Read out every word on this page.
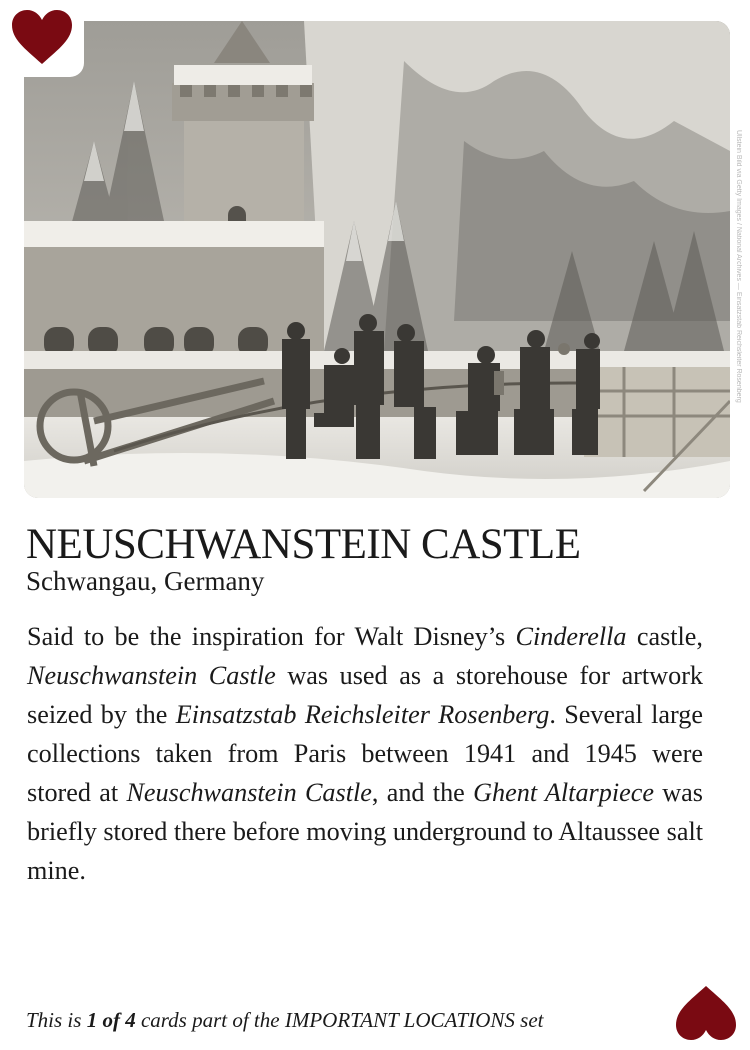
Ullstein Bild via Getty Images / National Archives — Einsatzstab Reichsleiter Rosenberg
NEUSCHWANSTEIN CASTLE
Schwangau, Germany
Said to be the inspiration for Walt Disney’s Cinderella castle, Neuschwanstein Castle was used as a storehouse for artwork seized by the Einsatzstab Reichsleiter Rosenberg. Several large collections taken from Paris between 1941 and 1945 were stored at Neuschwanstein Castle, and the Ghent Altarpiece was briefly stored there before moving underground to Altaussee salt mine.
This is 1 of 4 cards part of the IMPORTANT LOCATIONS set
